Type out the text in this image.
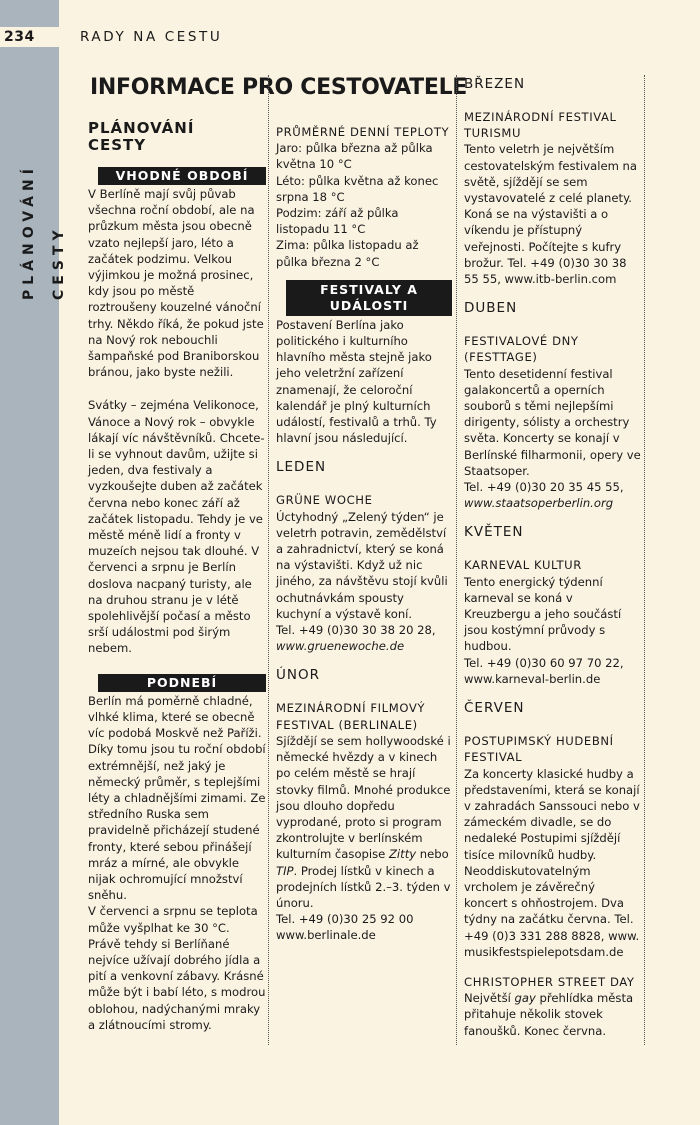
234
PLÁNOVÁNÍ CESTY
RADY NA CESTU
INFORMACE PRO CESTOVATELE
PLÁNOVÁNÍ CESTY
VHODNÉ OBDOBÍ

V Berlíně mají svůj půvab všechna roční období, ale na průzkum města jsou obecně vzato nejlepší jaro, léto a začátek podzimu. Velkou výjimkou je možná prosinec, kdy jsou po městě roztroušeny kouzelné vánoční trhy. Někdo říká, že pokud jste na Nový rok nebouchli šampaňské pod Braniborskou bránou, jako byste nežili.

Svátky – zejména Velikonoce, Vánoce a Nový rok – obvykle lákají víc návštěvníků. Chcete-li se vyhnout davům, užijte si jeden, dva festivaly a vyzkoušejte duben až začátek června nebo konec září až začátek listopadu. Tehdy je ve městě méně lidí a fronty v muzeích nejsou tak dlouhé. V červenci a srpnu je Berlín doslova nacpaný turisty, ale na druhou stranu je v létě spolehlivější počasí a město srší událostmi pod širým nebem.

PODNEBÍ

Berlín má poměrně chladné, vlhké klima, které se obecně víc podobá Moskvě než Paříži. Díky tomu jsou tu roční období extrémnější, než jaký je německý průměr, s teplejšími léty a chladnějšími zimami. Ze středního Ruska sem pravidelně přicházejí studené fronty, které sebou přinášejí mráz a mírné, ale obvykle nijak ochromující množství sněhu.

V červenci a srpnu se teplota může vyšplhat ke 30 °C. Právě tehdy si Berlíňané nejvíce užívají dobrého jídla a pití a venkovní zábavy. Krásné může být i babí léto, s modrou oblohou, nadýchanými mraky a zlátnoucími stromy.

PRŮMĚRNÉ DENNÍ TEPLOTY

Jaro: půlka března až půlka května 10 °C

Léto: půlka května až konec srpna 18 °C

Podzim: září až půlka listopadu 11 °C

Zima: půlka listopadu až půlka března 2 °C

FESTIVALY A UDÁLOSTI

Postavení Berlína jako politického i kulturního hlavního města stejně jako jeho veletržní zařízení znamenají, že celoroční kalendář je plný kulturních událostí, festivalů a trhů. Ty hlavní jsou následující.

LEDEN
GRÜNE WOCHE

Úctyhodný „Zelený týden“ je veletrh potravin, zemědělství a zahradnictví, který se koná na výstavišti. Když už nic jiného, za návštěvu stojí kvůli ochutnávkám spousty kuchyní a výstavě koní.

Tel. +49 (0)30 30 38 20 28,

www.gruenewoche.de

ÚNOR
MEZINÁRODNÍ FILMOVÝ FESTIVAL (BERLINALE)

Sjíždějí se sem hollywoodské i německé hvězdy a v kinech po celém městě se hrají stovky filmů. Mnohé produkce jsou dlouho dopředu vyprodané, proto si program zkontrolujte v berlínském kulturním časopise Zitty nebo TIP. Prodej lístků v kinech a prodejních lístků 2.–3. týden v únoru.

Tel. +49 (0)30 25 92 00

www.berlinale.de

BŘEZEN
MEZINÁRODNÍ FESTIVAL TURISMU

Tento veletrh je největším cestovatelským festivalem na světě, sjíždějí se sem vystavovatelé z celé planety. Koná se na výstavišti a o víkendu je přístupný veřejnosti. Počítejte s kufry brožur. Tel. +49 (0)30 30 38 55 55, www.itb-berlin.com

DUBEN
FESTIVALOVÉ DNY (FESTTAGE)

Tento desetidenní festival galakoncertů a operních souborů s těmi nejlepšími dirigenty, sólisty a orchestry světa. Koncerty se konají v Berlínské filharmonii, opery ve Staatsoper.

Tel. +49 (0)30 20 35 45 55,

www.staatsoperberlin.org

KVĚTEN
KARNEVAL KULTUR

Tento energický týdenní karneval se koná v Kreuzbergu a jeho součástí jsou kostýmní průvody s hudbou.

Tel. +49 (0)30 60 97 70 22,

www.karneval-berlin.de

ČERVEN
POSTUPIMSKÝ HUDEBNÍ FESTIVAL

Za koncerty klasické hudby a představeními, která se konají v zahradách Sanssouci nebo v zámeckém divadle, se do nedaleké Postupimi sjíždějí tisíce milovníků hudby. Neoddiskutovatelným vrcholem je závěrečný koncert s ohňostrojem. Dva týdny na začátku června. Tel. +49 (0)3 331 288 8828, www.

musikfestspielepotsdam.de

CHRISTOPHER STREET DAY

Největší gay přehlídka města přitahuje několik stovek fanoušků. Konec června.
